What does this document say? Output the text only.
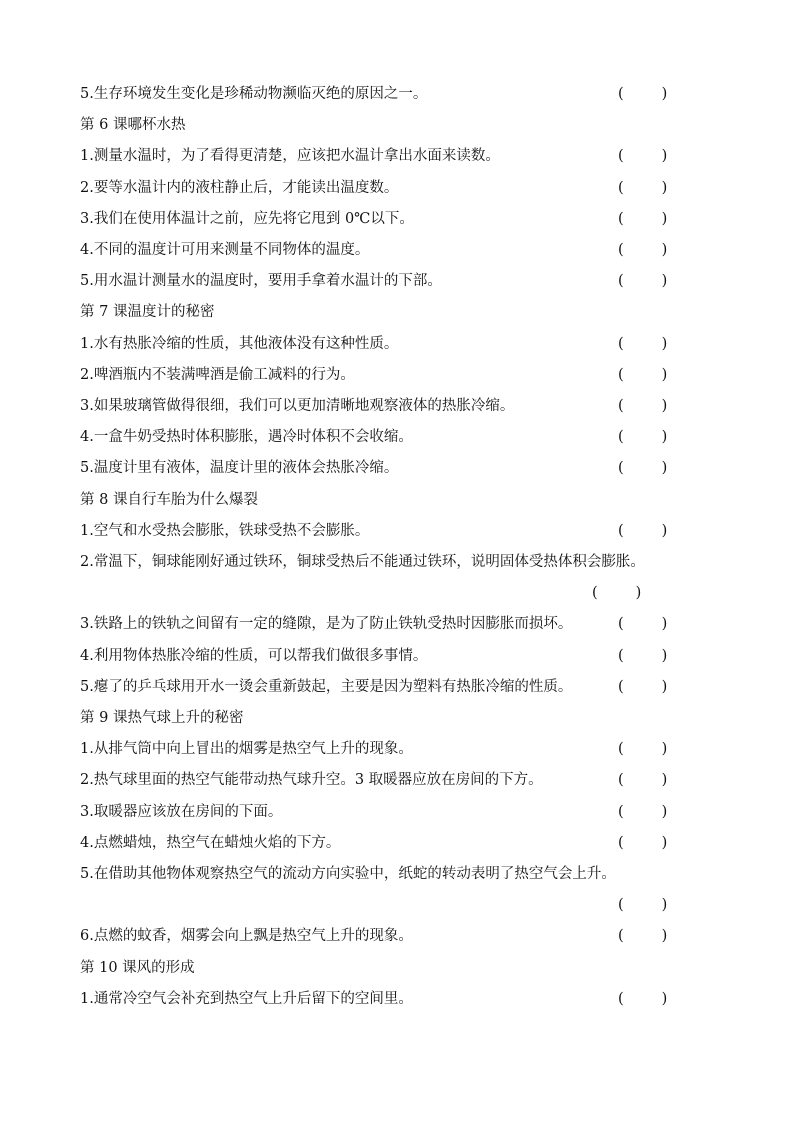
5.生存环境发生变化是珍稀动物濒临灭绝的原因之一。	(	)
第 6 课哪杯水热
1.测量水温时，为了看得更清楚，应该把水温计拿出水面来读数。	(	)
2.要等水温计内的液柱静止后，才能读出温度数。	(	)
3.我们在使用体温计之前，应先将它甩到 0℃以下。	(	)
4.不同的温度计可用来测量不同物体的温度。	(	)
5.用水温计测量水的温度时，要用手拿着水温计的下部。	(	)
第 7 课温度计的秘密
1.水有热胀冷缩的性质，其他液体没有这种性质。	(	)
2.啤酒瓶内不装满啤酒是偷工减料的行为。	(	)
3.如果玻璃管做得很细，我们可以更加清晰地观察液体的热胀冷缩。	(	)
4.一盒牛奶受热时体积膨胀，遇冷时体积不会收缩。	(	)
5.温度计里有液体，温度计里的液体会热胀冷缩。	(	)
第 8 课自行车胎为什么爆裂
1.空气和水受热会膨胀，铁球受热不会膨胀。	(	)
2.常温下，铜球能刚好通过铁环，铜球受热后不能通过铁环，说明固体受热体积会膨胀。
(	)
3.铁路上的铁轨之间留有一定的缝隙，是为了防止铁轨受热时因膨胀而损坏。	(	)
4.利用物体热胀冷缩的性质，可以帮我们做很多事情。	(	)
5.瘪了的乒乓球用开水一烫会重新鼓起，主要是因为塑料有热胀冷缩的性质。	(	)
第 9 课热气球上升的秘密
1.从排气筒中向上冒出的烟雾是热空气上升的现象。	(	)
2.热气球里面的热空气能带动热气球升空。3 取暖器应放在房间的下方。	(	)
3.取暖器应该放在房间的下面。	(	)
4.点燃蜡烛，热空气在蜡烛火焰的下方。	(	)
5.在借助其他物体观察热空气的流动方向实验中，纸蛇的转动表明了热空气会上升。
(	)
6.点燃的蚊香，烟雾会向上飘是热空气上升的现象。	(	)
第 10 课风的形成
1.通常冷空气会补充到热空气上升后留下的空间里。	(	)
